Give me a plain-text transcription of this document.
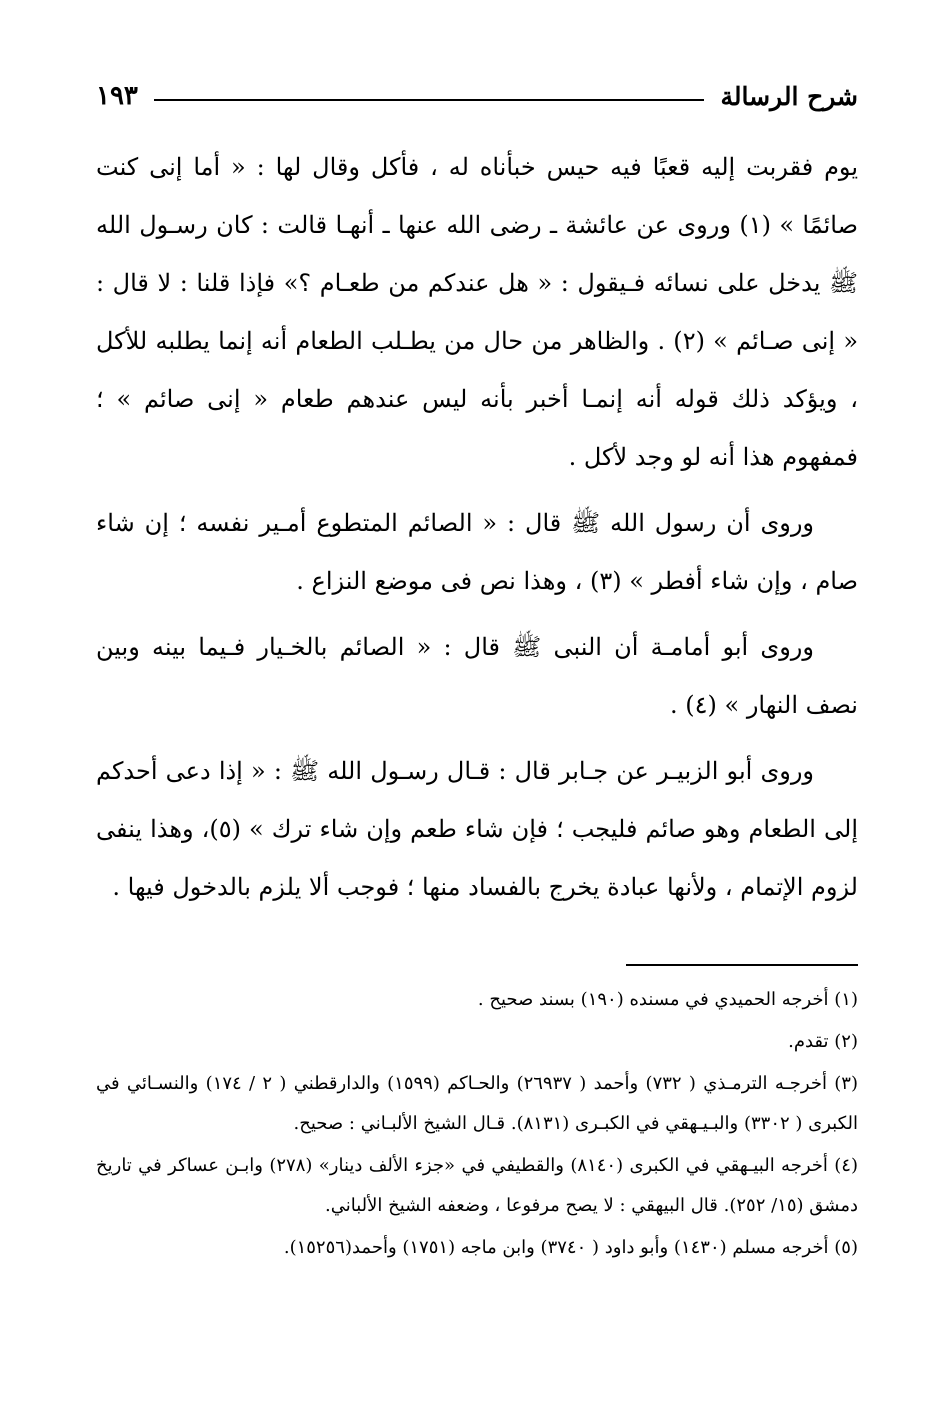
شرح الرسالة
١٩٣

يوم فقربت إليه قعبًا فيه حيس خبأناه له ، فأكل وقال لها : « أما إنى كنت صائمًا » (١) وروى عن عائشة ـ رضى الله عنها ـ أنهـا قالت : كان رسـول الله ﷺ يدخل على نسائه فـيقول : « هل عندكم من طعـام ؟» فإذا قلنا : لا قال : « إنى صـائم » (٢) . والظاهر من حال من يطـلب الطعام أنه إنما يطلبه للأكل ، ويؤكد ذلك قوله أنه إنمـا أخبر بأنه ليس عندهم طعام « إنى صائم » ؛ فمفهوم هذا أنه لو وجد لأكل .

وروى أن رسول الله ﷺ قال : « الصائم المتطوع أمـير نفسه ؛ إن شاء صام ، وإن شاء أفطر » (٣) ، وهذا نص فى موضع النزاع .

وروى أبو أمامـة أن النبى ﷺ قال : « الصائم بالخـيار فـيما بينه وبين نصف النهار » (٤) .

وروى أبو الزبيـر عن جـابر قال : قـال رسـول الله ﷺ : « إذا دعى أحدكم إلى الطعام وهو صائم فليجب ؛ فإن شاء طعم وإن شاء ترك » (٥)، وهذا ينفى لزوم الإتمام ، ولأنها عبادة يخرج بالفساد منها ؛ فوجب ألا يلزم بالدخول فيها .

(١) أخرجه الحميدي في مسنده (١٩٠) بسند صحيح .

(٢) تقدم.

(٣) أخرجـه الترمـذي ( ٧٣٢) وأحمد ( ٢٦٩٣٧) والحـاكم (١٥٩٩) والدارقطني ( ٢ / ١٧٤) والنسـائي في الكبرى ( ٣٣٠٢) والبـيـهقي في الكبـرى (٨١٣١). قـال الشيخ الألبـاني : صحيح.

(٤) أخرجه البيـهقي في الكبرى (٨١٤٠) والقطيفي في «جزء الألف دينار» (٢٧٨) وابـن عساكر في تاريخ دمشق (١٥/ ٢٥٢). قال البيهقي : لا يصح مرفوعا ، وضعفه الشيخ الألباني.

(٥) أخرجه مسلم (١٤٣٠) وأبو داود ( ٣٧٤٠) وابن ماجه (١٧٥١) وأحمد(١٥٢٥٦).
